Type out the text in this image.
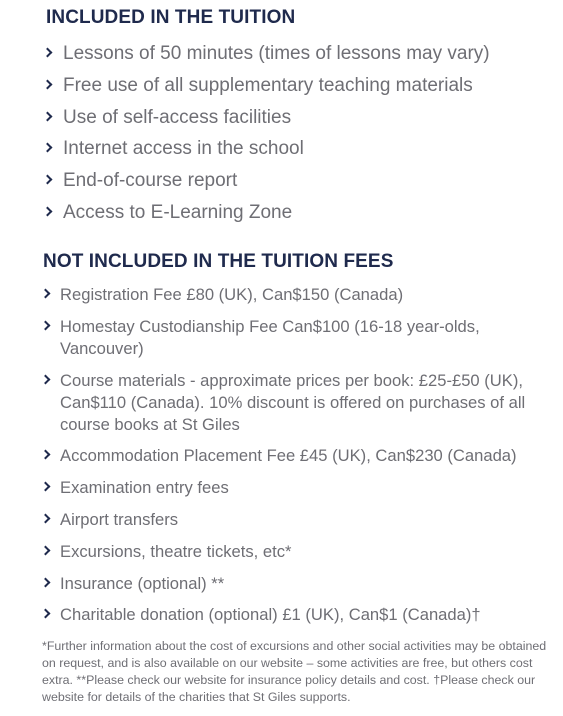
INCLUDED IN THE TUITION
Lessons of 50 minutes (times of lessons may vary)
Free use of all supplementary teaching materials
Use of self-access facilities
Internet access in the school
End-of-course report
Access to E-Learning Zone
NOT INCLUDED IN THE TUITION FEES
Registration Fee £80 (UK), Can$150 (Canada)
Homestay Custodianship Fee Can$100 (16-18 year-olds, Vancouver)
Course materials - approximate prices per book: £25-£50 (UK), Can$110 (Canada). 10% discount is offered on purchases of all course books at St Giles
Accommodation Placement Fee £45 (UK), Can$230 (Canada)
Examination entry fees
Airport transfers
Excursions, theatre tickets, etc*
Insurance (optional) **
Charitable donation (optional) £1 (UK), Can$1 (Canada)†

*Further information about the cost of excursions and other social activities may be obtained on request, and is also available on our website – some activities are free, but others cost extra. **Please check our website for insurance policy details and cost. †Please check our website for details of the charities that St Giles supports.
